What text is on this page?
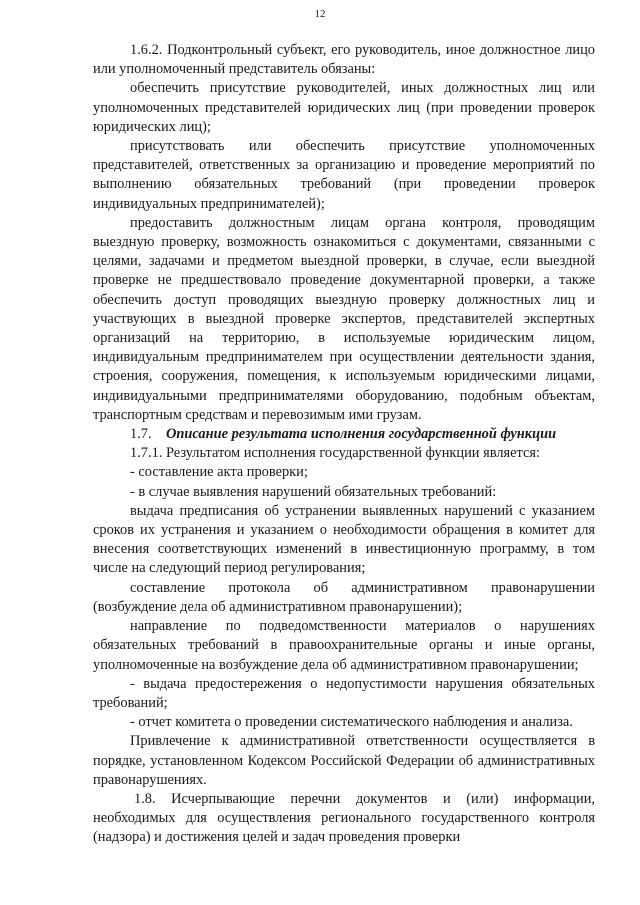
12

1.6.2. Подконтрольный субъект, его руководитель, иное должностное лицо или уполномоченный представитель обязаны:

обеспечить присутствие руководителей, иных должностных лиц или уполномоченных представителей юридических лиц (при проведении проверок юридических лиц);

присутствовать или обеспечить присутствие уполномоченных представителей, ответственных за организацию и проведение мероприятий по выполнению обязательных требований (при проведении проверок индивидуальных предпринимателей);

предоставить должностным лицам органа контроля, проводящим выездную проверку, возможность ознакомиться с документами, связанными с целями, задачами и предметом выездной проверки, в случае, если выездной проверке не предшествовало проведение документарной проверки, а также обеспечить доступ проводящих выездную проверку должностных лиц и участвующих в выездной проверке экспертов, представителей экспертных организаций на территорию, в используемые юридическим лицом, индивидуальным предпринимателем при осуществлении деятельности здания, строения, сооружения, помещения, к используемым юридическими лицами, индивидуальными предпринимателями оборудованию, подобным объектам, транспортным средствам и перевозимым ими грузам.

1.7. Описание результата исполнения государственной функции

1.7.1. Результатом исполнения государственной функции является:

- составление акта проверки;

- в случае выявления нарушений обязательных требований:

выдача предписания об устранении выявленных нарушений с указанием сроков их устранения и указанием о необходимости обращения в комитет для внесения соответствующих изменений в инвестиционную программу, в том числе на следующий период регулирования;

составление протокола об административном правонарушении (возбуждение дела об административном правонарушении);

направление по подведомственности материалов о нарушениях обязательных требований в правоохранительные органы и иные органы, уполномоченные на возбуждение дела об административном правонарушении;

- выдача предостережения о недопустимости нарушения обязательных требований;

- отчет комитета о проведении систематического наблюдения и анализа.

Привлечение к административной ответственности осуществляется в порядке, установленном Кодексом Российской Федерации об административных правонарушениях.

1.8. Исчерпывающие перечни документов и (или) информации, необходимых для осуществления регионального государственного контроля (надзора) и достижения целей и задач проведения проверки
